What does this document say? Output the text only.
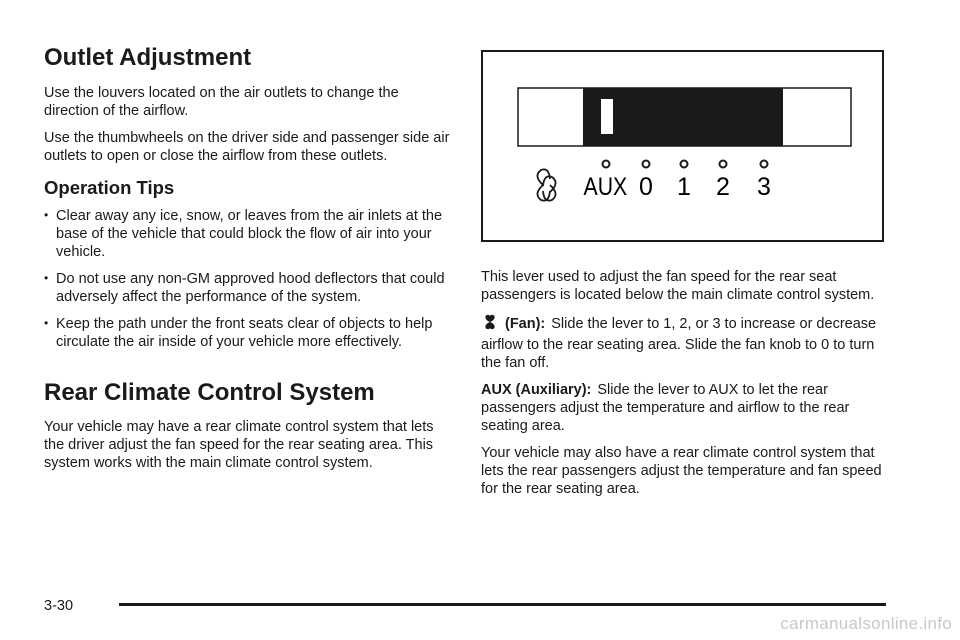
Outlet Adjustment

Use the louvers located on the air outlets to change the direction of the airflow.

Use the thumbwheels on the driver side and passenger side air outlets to open or close the airflow from these outlets.

Operation Tips
• Clear away any ice, snow, or leaves from the air inlets at the base of the vehicle that could block the flow of air into your vehicle.
• Do not use any non-GM approved hood deflectors that could adversely affect the performance of the system.
• Keep the path under the front seats clear of objects to help circulate the air inside of your vehicle more effectively.
Rear Climate Control System

Your vehicle may have a rear climate control system that lets the driver adjust the fan speed for the rear seating area. This system works with the main climate control system.

AUX 0 1 2 3

This lever used to adjust the fan speed for the rear seat passengers is located below the main climate control system.

(Fan): Slide the lever to 1, 2, or 3 to increase or decrease airflow to the rear seating area. Slide the fan knob to 0 to turn the fan off.

AUX (Auxiliary): Slide the lever to AUX to let the rear passengers adjust the temperature and airflow to the rear seating area.

Your vehicle may also have a rear climate control system that lets the rear passengers adjust the temperature and fan speed for the rear seating area.

3-30
carmanualsonline.info
